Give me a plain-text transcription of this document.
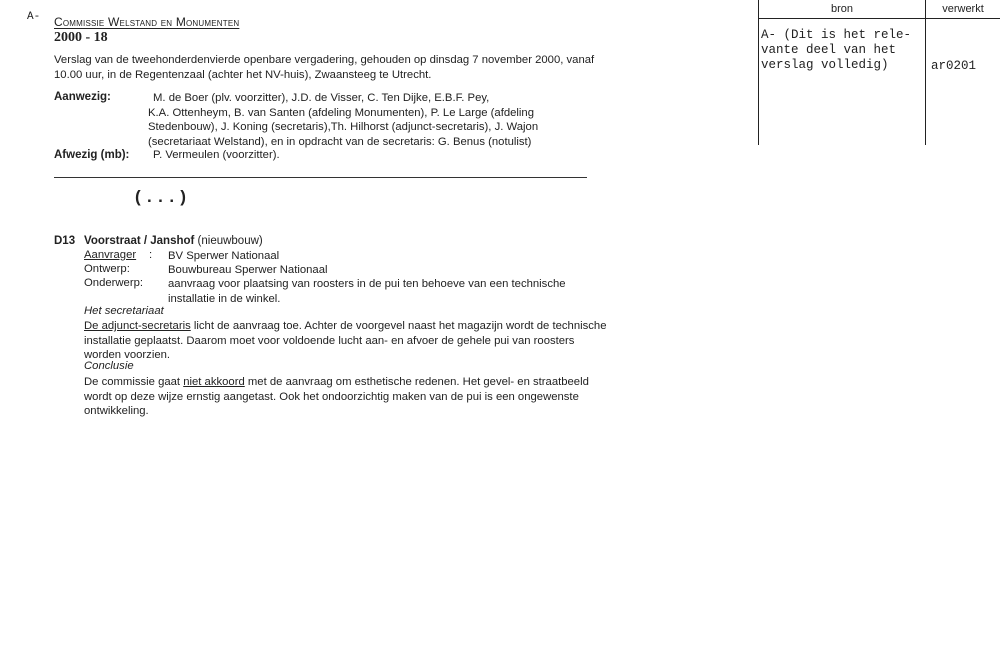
A- Commissie Welstand en Monumenten
2000 - 18
Verslag van de tweehonderdenvierde openbare vergadering, gehouden op dinsdag 7 november 2000, vanaf 10.00 uur, in de Regentenzaal (achter het NV-huis), Zwaansteeg te Utrecht.
Aanwezig:	M. de Boer (plv. voorzitter), J.D. de Visser, C. Ten Dijke, E.B.F. Pey,
K.A. Ottenheym, B. van Santen (afdeling Monumenten), P. Le Large (afdeling Stedenbouw), J. Koning (secretaris),Th. Hilhorst (adjunct-secretaris), J. Wajon (secretariaat Welstand), en in opdracht van de secretaris: G. Benus (notulist)
Afwezig (mb): P. Vermeulen (voorzitter).
(...)
D13 Voorstraat / Janshof (nieuwbouw)
Aanvrager : BV Sperwer Nationaal
Ontwerp:	Bouwbureau Sperwer Nationaal
Onderwerp: aanvraag voor plaatsing van roosters in de pui ten behoeve van een technische installatie in de winkel.
Het secretariaat
De adjunct-secretaris licht de aanvraag toe. Achter de voorgevel naast het magazijn wordt de technische installatie geplaatst. Daarom moet voor voldoende lucht aan- en afvoer de gehele pui van roosters worden voorzien.
Conclusie
De commissie gaat niet akkoord met de aanvraag om esthetische redenen. Het gevel- en straatbeeld wordt op deze wijze ernstig aangetast. Ook het ondoorzichtig maken van de pui is een ongewenste ontwikkeling.
bron	verwerkt
A- (Dit is het rele-
vante deel van het
verslag volledig)	ar0201
